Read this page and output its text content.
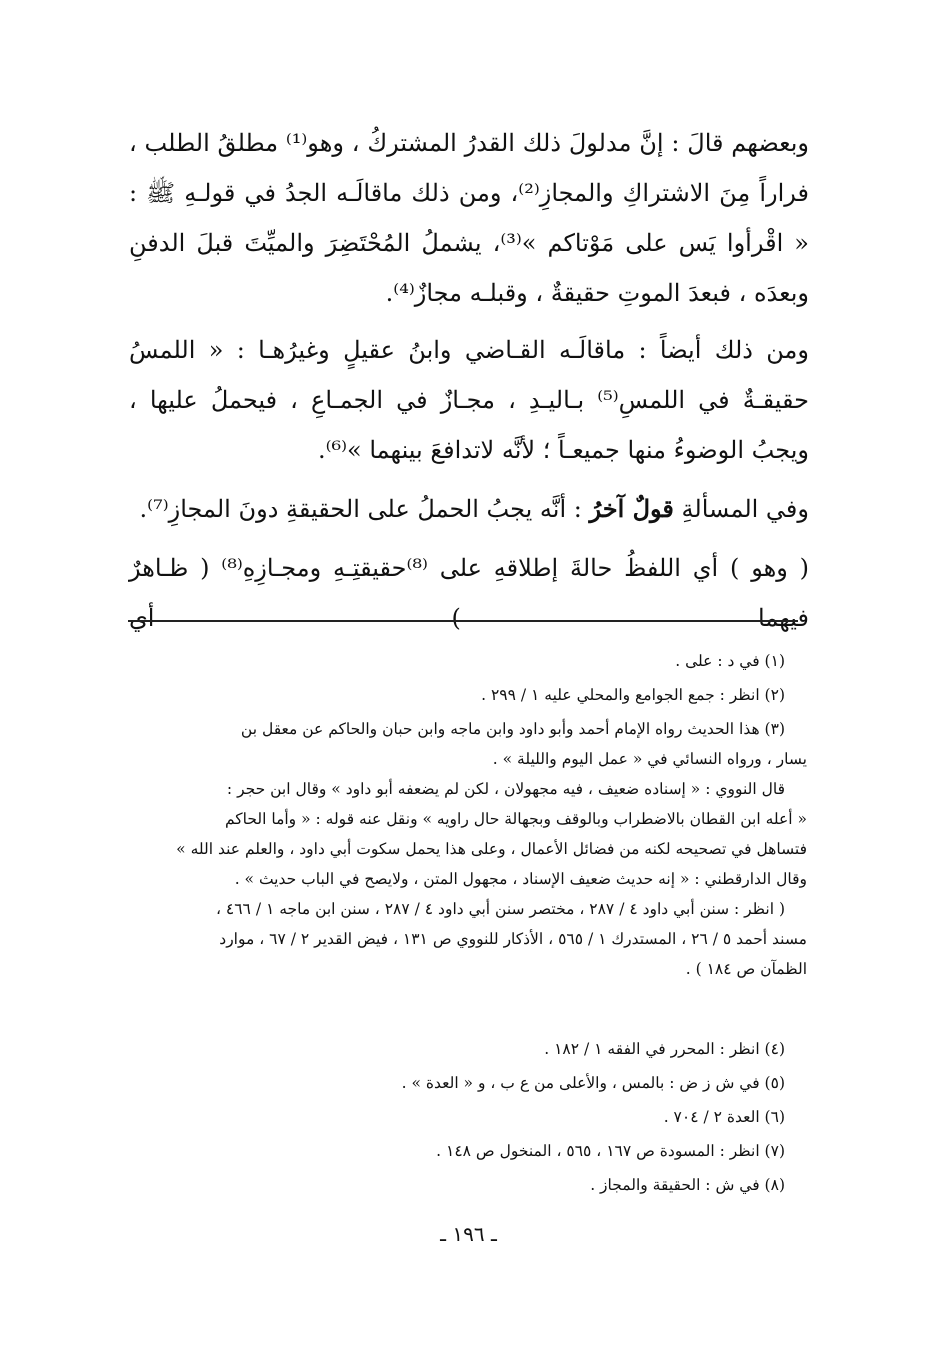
وبعضهم قالَ : إنَّ مدلولَ ذلك القدرُ المشتركُ ، وهو⁽¹⁾ مطلقُ الطلب ، فراراً مِنَ الاشتراكِ والمجازِ⁽²⁾، ومن ذلك ماقالَـه الجدُ في قولـهِ ﷺ : « اقْرأوا يَس على مَوْتاكم »⁽³⁾، يشملُ المُحْتَضِرَ والميِّتَ قبلَ الدفنِ وبعدَه ، فبعدَ الموتِ حقيقةٌ ، وقبلـه مجازٌ⁽⁴⁾.

ومن ذلك أيضاً : ماقالَـه القـاضي وابنُ عقيلٍ وغيرُهـا : « اللمسُ حقيقـةٌ في اللمسِ⁽⁵⁾ بـاليـدِ ، مجـازٌ في الجمـاعِ ، فيحملُ عليها ، ويجبُ الوضوءُ منها جميعـاً ؛ لأنَّه لاتدافعَ بينهما »⁽⁶⁾.

وفي المسألةِ قولٌ آخرُ : أنَّه يجبُ الحملُ على الحقيقةِ دونَ المجازِ⁽⁷⁾.

( وهو ) أي اللفظُ حالةَ إطلاقهِ على ⁽⁸⁾حقيقتِـهِ ومجـازِهِ⁽⁸⁾ ( ظـاهرٌ فيهما ) أي

(١) في د : على .
(٢) انظر : جمع الجوامع والمحلي عليه ١ / ٢٩٩ .
(٣) هذا الحديث رواه الإمام أحمد وأبو داود وابن ماجه وابن حبان والحاكم عن معقل بن
يسار ، ورواه النسائي في « عمل اليوم والليلة » .
قال النووي : « إسناده ضعيف ، فيه مجهولان ، لكن لم يضعفه أبو داود » وقال ابن حجر :
« أعله ابن القطان بالاضطراب وبالوقف وبجهالة حال راويه » ونقل عنه قوله : « وأما الحاكم
فتساهل في تصحيحه لكنه من فضائل الأعمال ، وعلى هذا يحمل سكوت أبي داود ، والعلم عند الله »
وقال الدارقطني : « إنه حديث ضعيف الإسناد ، مجهول المتن ، ولايصح في الباب حديث » .
( انظر : سنن أبي داود ٤ / ٢٨٧ ، مختصر سنن أبي داود ٤ / ٢٨٧ ، سنن ابن ماجه ١ / ٤٦٦ ،
مسند أحمد ٥ / ٢٦ ، المستدرك ١ / ٥٦٥ ، الأذكار للنووي ص ١٣١ ، فيض القدير ٢ / ٦٧ ، موارد
الظمآن ص ١٨٤ ) .
(٤) انظر : المحرر في الفقه ١ / ١٨٢ .
(٥) في ش ز ض : بالمس ، والأعلى من ع ب ، و « العدة » .
(٦) العدة ٢ / ٧٠٤ .
(٧) انظر : المسودة ص ١٦٧ ، ٥٦٥ ، المنخول ص ١٤٨ .
(٨) في ش : الحقيقة والمجاز .
ـ ١٩٦ ـ
